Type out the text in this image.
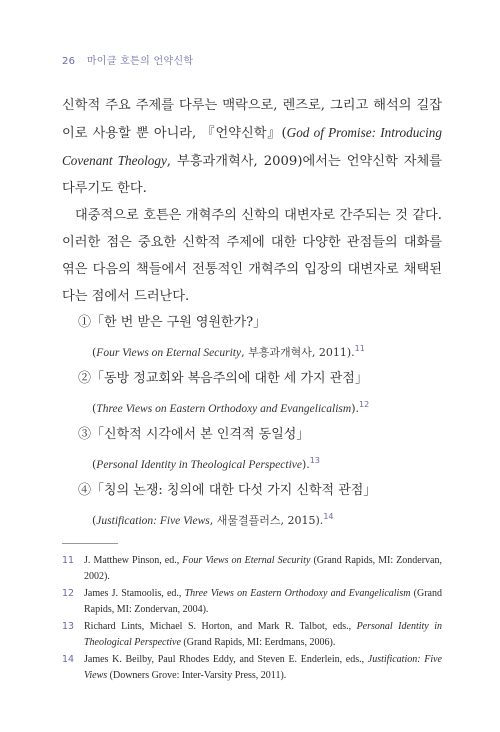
26 마이클 호튼의 언약신학

신학적 주요 주제를 다루는 맥락으로, 렌즈로, 그리고 해석의 길잡이로 사용할 뿐 아니라, 『언약신학』(God of Promise: Introducing Covenant Theology, 부흥과개혁사, 2009)에서는 언약신학 자체를 다루기도 한다.

대중적으로 호튼은 개혁주의 신학의 대변자로 간주되는 것 같다. 이러한 점은 중요한 신학적 주제에 대한 다양한 관점들의 대화를 엮은 다음의 책들에서 전통적인 개혁주의 입장의 대변자로 채택된다는 점에서 드러난다.

①「한 번 받은 구원 영원한가?」
(Four Views on Eternal Security, 부흥과개혁사, 2011).$^{11}$
②「동방 정교회와 복음주의에 대한 세 가지 관점」
(Three Views on Eastern Orthodoxy and Evangelicalism).$^{12}$
③「신학적 시각에서 본 인격적 동일성」
(Personal Identity in Theological Perspective).$^{13}$
④「칭의 논쟁: 칭의에 대한 다섯 가지 신학적 관점」
(Justification: Five Views, 새물결플러스, 2015).$^{14}$
11 J. Matthew Pinson, ed., Four Views on Eternal Security (Grand Rapids, MI: Zondervan, 2002).
12 James J. Stamoolis, ed., Three Views on Eastern Orthodoxy and Evangelicalism (Grand Rapids, MI: Zondervan, 2004).
13 Richard Lints, Michael S. Horton, and Mark R. Talbot, eds., Personal Identity in Theological Perspective (Grand Rapids, MI: Eerdmans, 2006).
14 James K. Beilby, Paul Rhodes Eddy, and Steven E. Enderlein, eds., Justification: Five Views (Downers Grove: Inter-Varsity Press, 2011).
